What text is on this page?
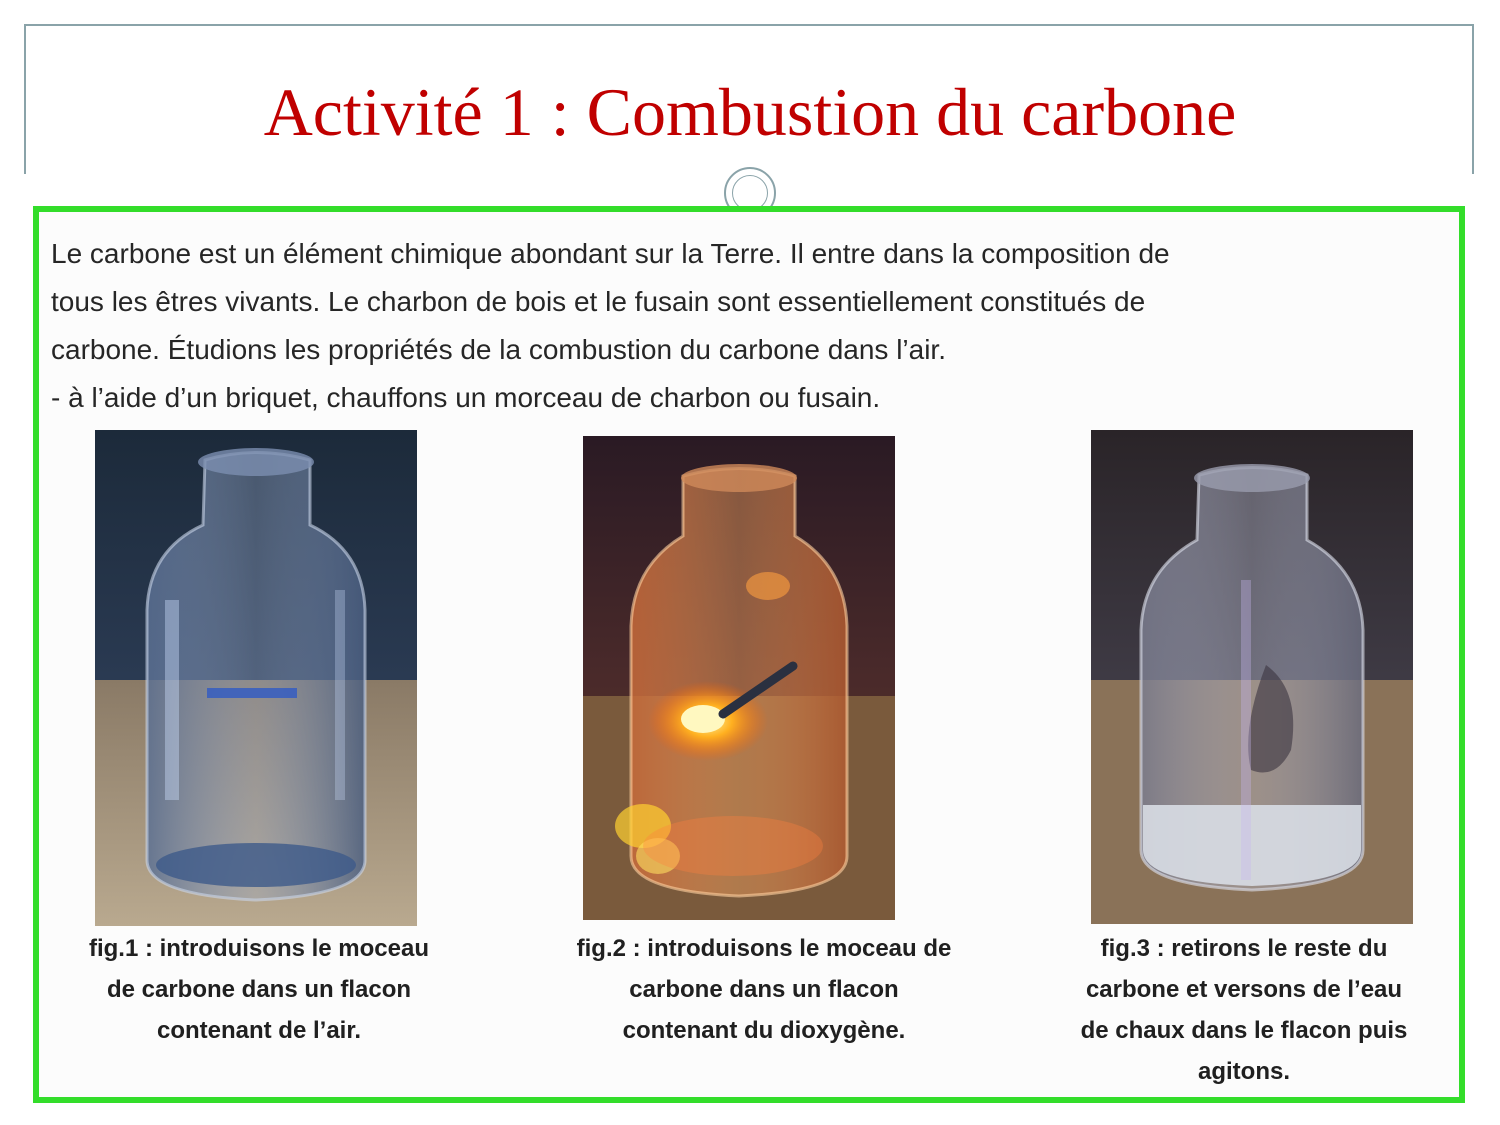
Activité 1 : Combustion du carbone

Le carbone est un élément chimique abondant sur la Terre. Il entre dans la composition de

tous les êtres vivants. Le charbon de bois et le fusain sont essentiellement constitués de

carbone. Étudions les propriétés de la combustion du carbone dans l’air.

- à l’aide d’un briquet, chauffons un morceau de charbon ou fusain.

fig.1 : introduisons le moceau
de carbone dans un flacon
contenant de l’air.
fig.2 : introduisons le moceau de
carbone dans un flacon
contenant du dioxygène.
fig.3 : retirons le reste du
carbone et versons de l’eau
de chaux dans le flacon puis
agitons.
